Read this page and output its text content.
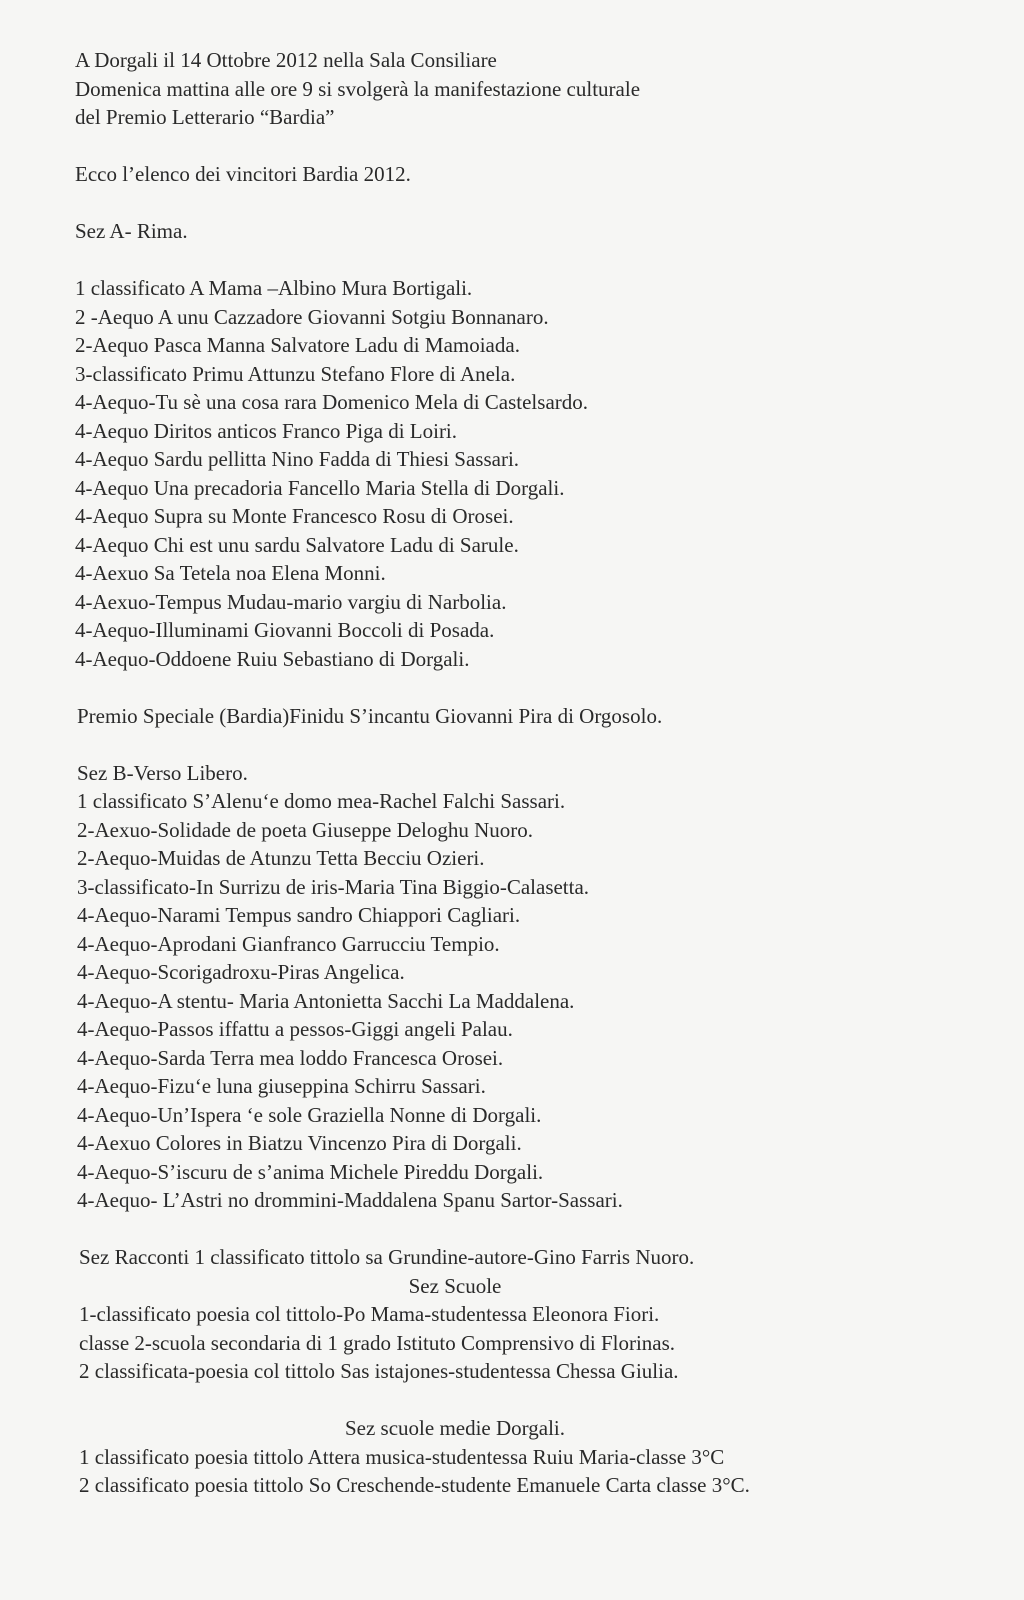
A Dorgali il 14 Ottobre 2012 nella Sala Consiliare
Domenica mattina alle ore 9 si svolgerà la manifestazione culturale
del Premio Letterario “Bardia”
Ecco l’elenco dei vincitori Bardia 2012.
Sez A- Rima.
1 classificato A Mama –Albino Mura Bortigali.
2 -Aequo A unu Cazzadore Giovanni Sotgiu Bonnanaro.
2-Aequo Pasca Manna Salvatore Ladu di Mamoiada.
3-classificato Primu Attunzu Stefano Flore di Anela.
4-Aequo-Tu sè una cosa rara Domenico Mela di Castelsardo.
4-Aequo Diritos anticos Franco Piga di Loiri.
4-Aequo Sardu pellitta Nino Fadda di Thiesi Sassari.
4-Aequo Una precadoria Fancello Maria Stella di Dorgali.
4-Aequo Supra su Monte Francesco Rosu di Orosei.
4-Aequo Chi est unu sardu Salvatore Ladu di Sarule.
4-Aexuo Sa Tetela noa Elena Monni.
4-Aexuo-Tempus Mudau-mario vargiu di Narbolia.
4-Aequo-Illuminami Giovanni Boccoli di Posada.
4-Aequo-Oddoene Ruiu Sebastiano di Dorgali.
Premio Speciale (Bardia)Finidu S’incantu Giovanni Pira di Orgosolo.
Sez B-Verso Libero.
1 classificato S’Alenu‘e domo mea-Rachel Falchi Sassari.
2-Aexuo-Solidade de poeta Giuseppe Deloghu Nuoro.
2-Aequo-Muidas de Atunzu Tetta Becciu Ozieri.
3-classificato-In Surrizu de iris-Maria Tina Biggio-Calasetta.
4-Aequo-Narami Tempus sandro Chiappori Cagliari.
4-Aequo-Aprodani Gianfranco Garrucciu Tempio.
4-Aequo-Scorigadroxu-Piras Angelica.
4-Aequo-A stentu- Maria Antonietta Sacchi La Maddalena.
4-Aequo-Passos iffattu a pessos-Giggi angeli Palau.
4-Aequo-Sarda Terra mea loddo Francesca Orosei.
4-Aequo-Fizu‘e luna giuseppina Schirru Sassari.
4-Aequo-Un’Ispera ‘e sole Graziella Nonne di Dorgali.
4-Aexuo Colores in Biatzu Vincenzo Pira di Dorgali.
4-Aequo-S’iscuru de s’anima Michele Pireddu Dorgali.
4-Aequo- L’Astri no drommini-Maddalena Spanu Sartor-Sassari.
Sez Racconti 1 classificato tittolo sa Grundine-autore-Gino Farris Nuoro.
Sez Scuole
1-classificato poesia col tittolo-Po Mama-studentessa Eleonora Fiori.
classe 2-scuola secondaria di 1 grado Istituto Comprensivo di Florinas.
2 classificata-poesia col tittolo Sas istajones-studentessa Chessa Giulia.
Sez scuole medie Dorgali.
1 classificato poesia tittolo Attera musica-studentessa Ruiu Maria-classe 3°C
2 classificato poesia tittolo So Creschende-studente Emanuele Carta classe 3°C.
